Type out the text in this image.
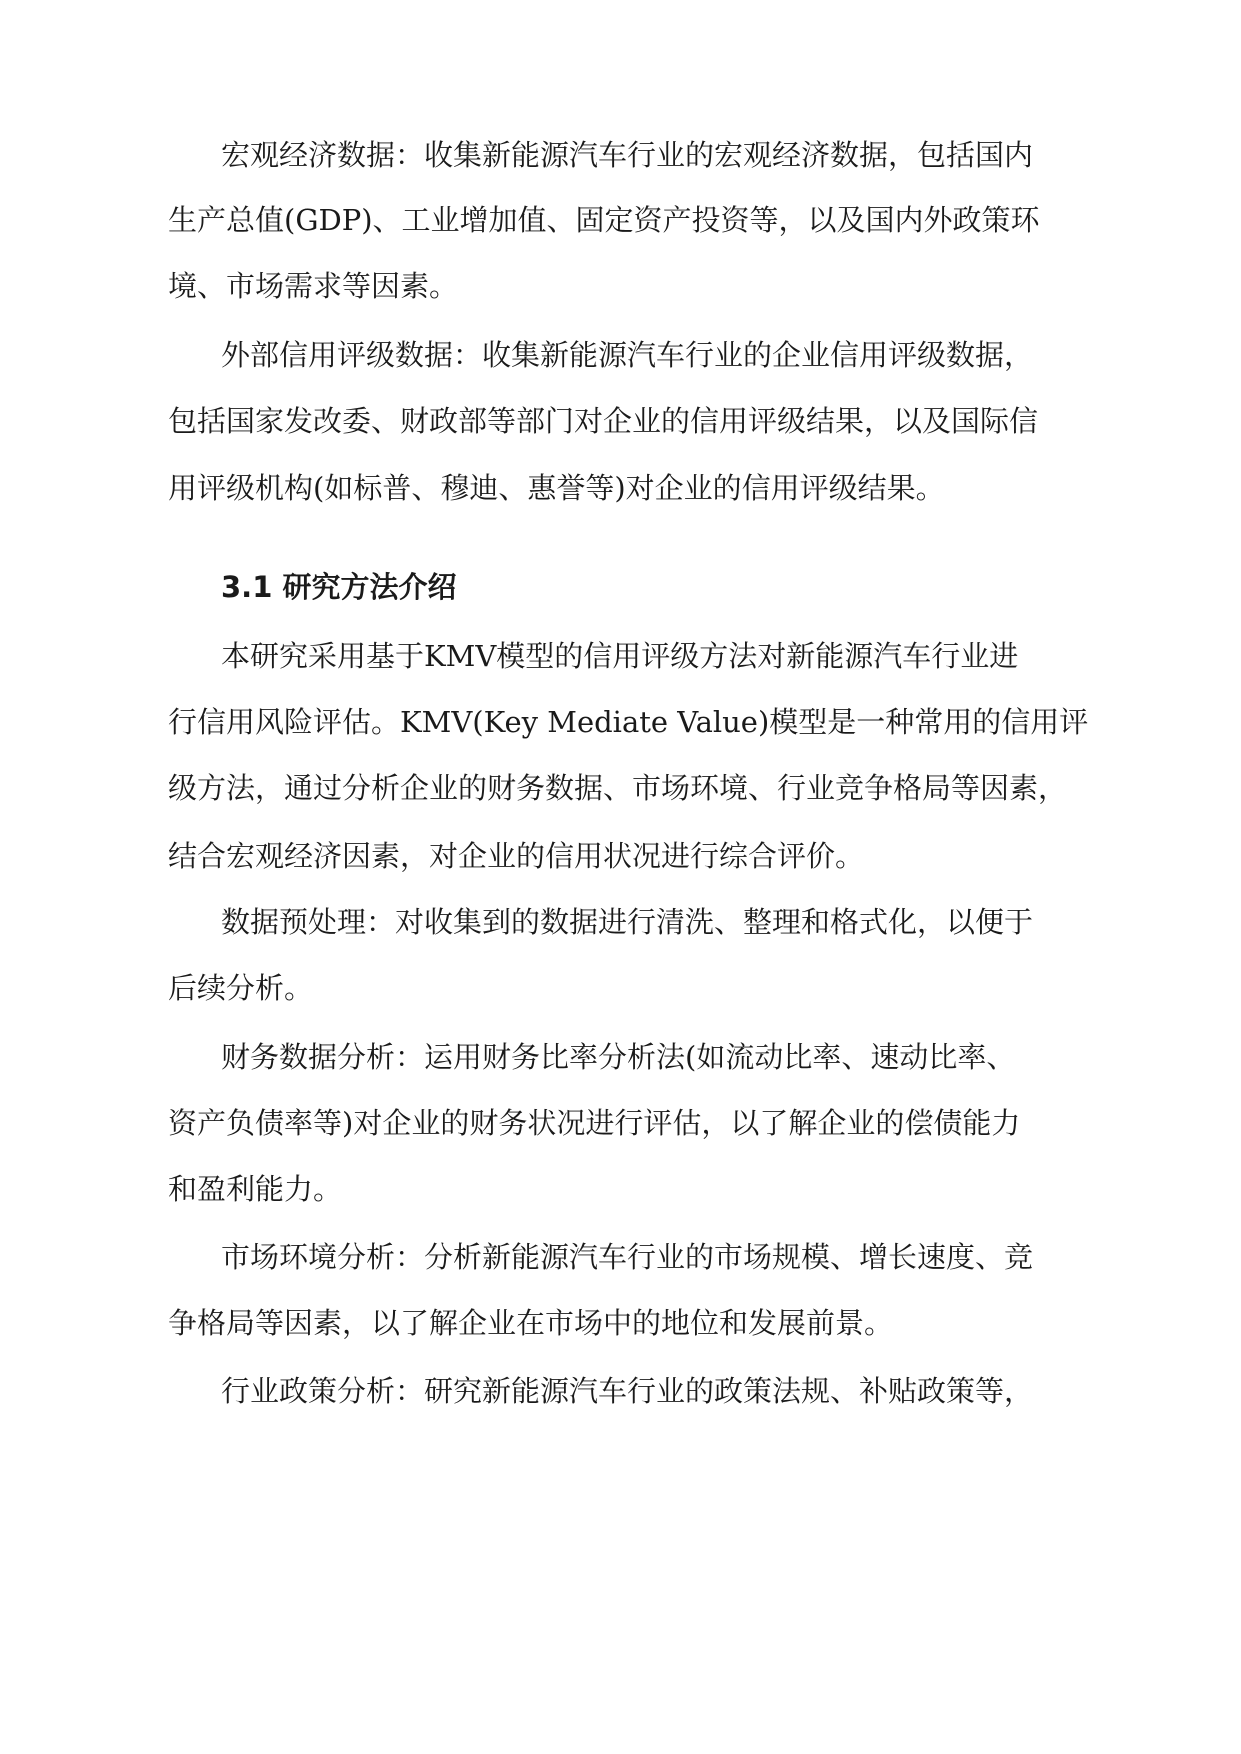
宏观经济数据：收集新能源汽车行业的宏观经济数据，包括国内
生产总值(GDP)、工业增加值、固定资产投资等，以及国内外政策环
境、市场需求等因素。
外部信用评级数据：收集新能源汽车行业的企业信用评级数据，
包括国家发改委、财政部等部门对企业的信用评级结果，以及国际信
用评级机构(如标普、穆迪、惠誉等)对企业的信用评级结果。
3.1 研究方法介绍
本研究采用基于KMV模型的信用评级方法对新能源汽车行业进
行信用风险评估。KMV(Key Mediate Value)模型是一种常用的信用评
级方法，通过分析企业的财务数据、市场环境、行业竞争格局等因素，
结合宏观经济因素，对企业的信用状况进行综合评价。
数据预处理：对收集到的数据进行清洗、整理和格式化，以便于
后续分析。
财务数据分析：运用财务比率分析法(如流动比率、速动比率、
资产负债率等)对企业的财务状况进行评估，以了解企业的偿债能力
和盈利能力。
市场环境分析：分析新能源汽车行业的市场规模、增长速度、竞
争格局等因素，以了解企业在市场中的地位和发展前景。
行业政策分析：研究新能源汽车行业的政策法规、补贴政策等，
